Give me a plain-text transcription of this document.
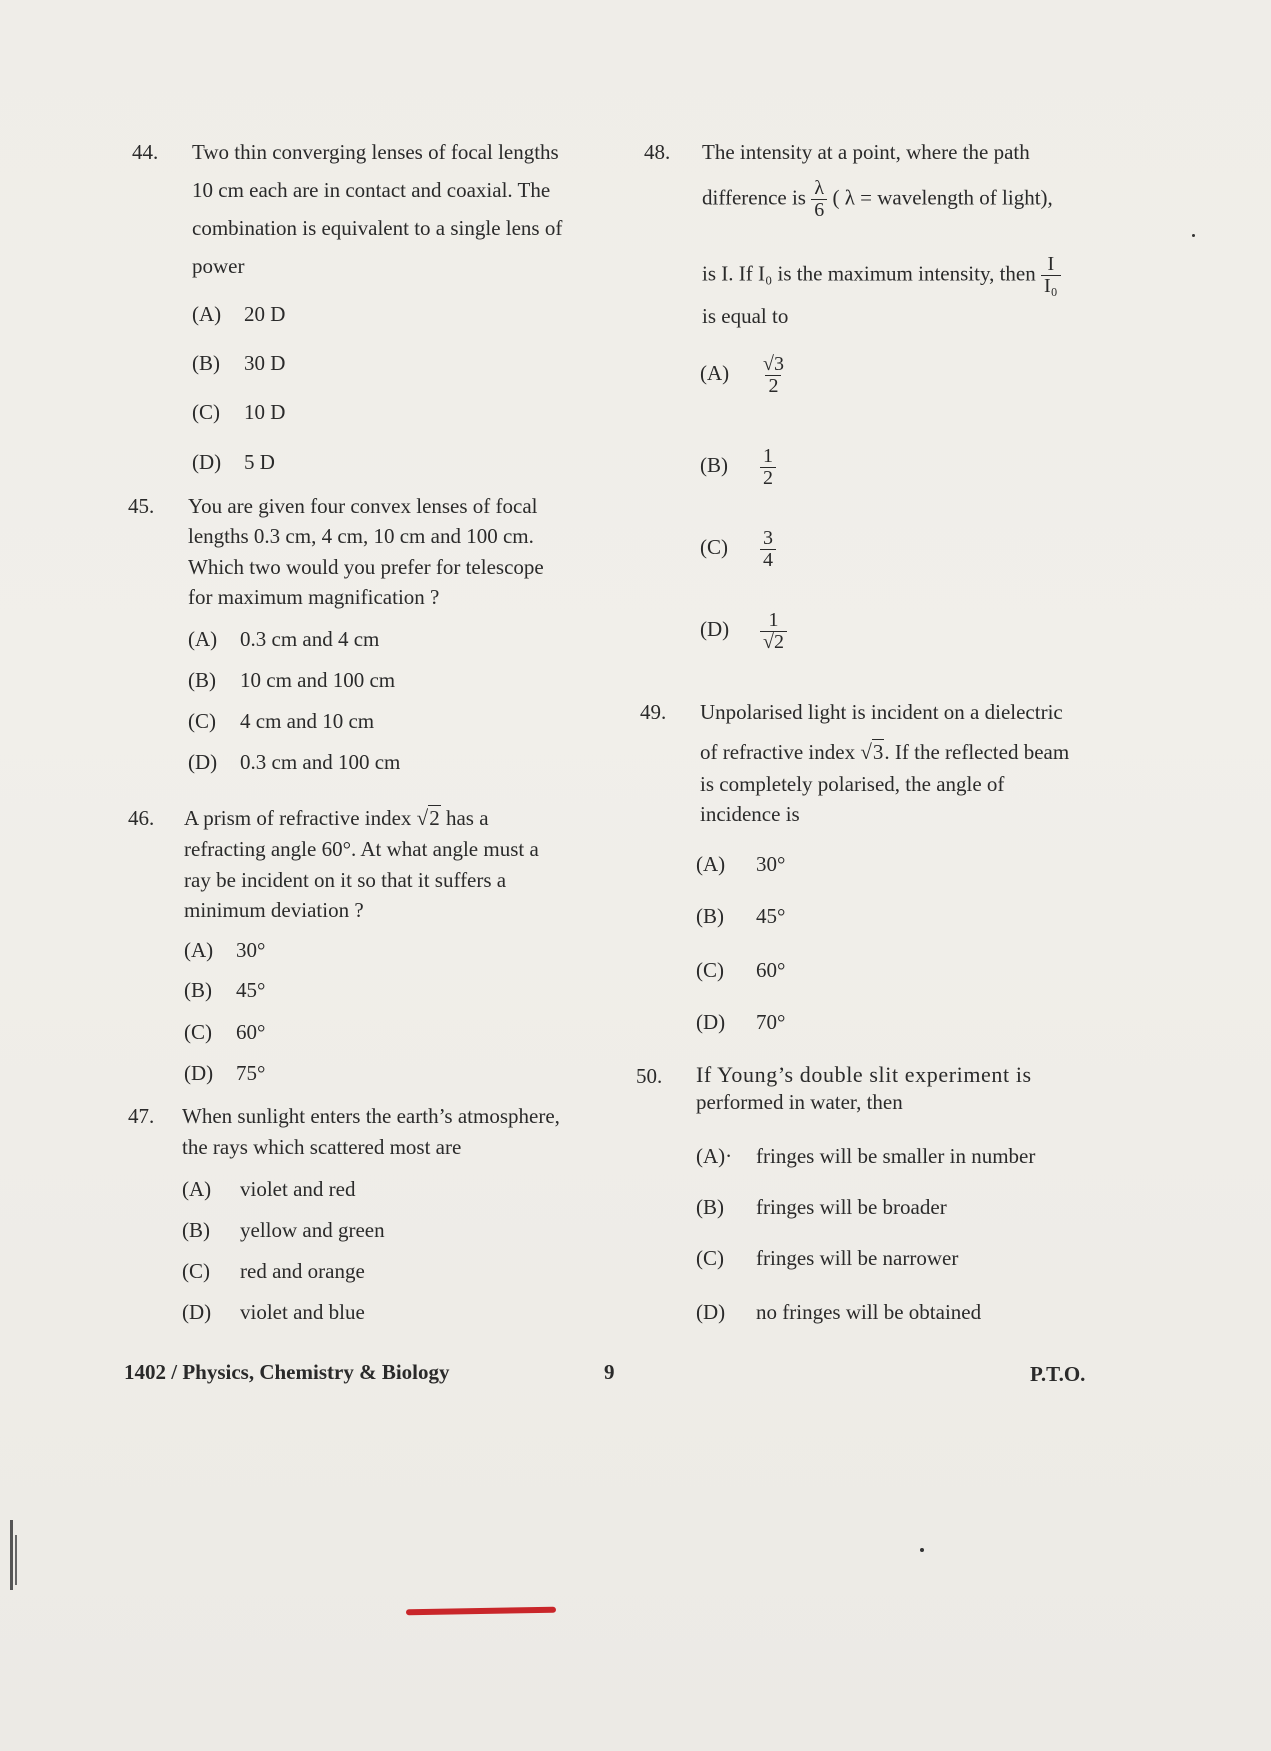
44. Two thin converging lenses of focal lengths
10 cm each are in contact and coaxial. The
combination is equivalent to a single lens of
power
(A) 20 D
(B) 30 D
(C) 10 D
(D) 5 D
45. You are given four convex lenses of focal
lengths 0.3 cm, 4 cm, 10 cm and 100 cm.
Which two would you prefer for telescope
for maximum magnification ?
(A) 0.3 cm and 4 cm
(B) 10 cm and 100 cm
(C) 4 cm and 10 cm
(D) 0.3 cm and 100 cm
46. A prism of refractive index √2 has a
refracting angle 60°. At what angle must a
ray be incident on it so that it suffers a
minimum deviation ?
(A) 30°
(B) 45°
(C) 60°
(D) 75°
47. When sunlight enters the earth’s atmosphere,
the rays which scattered most are
(A) violet and red
(B) yellow and green
(C) red and orange
(D) violet and blue
48. The intensity at a point, where the path
difference is $\frac{\lambda}{6}$ ( λ = wavelength of light),
is I. If I₀ is the maximum intensity, then $\frac{I}{\text{I₀}}$
is equal to
$(A) \frac{√3}{2}$
$(B) \frac{1}{2}$
$(C) \frac{3}{4}$
$(D) \frac{1}{√2}$
49. Unpolarised light is incident on a dielectric
of refractive index √3. If the reflected beam
is completely polarised, the angle of
incidence is
(A) 30°
(B) 45°
(C) 60°
(D) 70°
50. If Young’s double slit experiment is
performed in water, then
(A)· fringes will be smaller in number
(B) fringes will be broader
(C) fringes will be narrower
(D) no fringes will be obtained
1402 / Physics, Chemistry & Biology	9	P.T.O.
